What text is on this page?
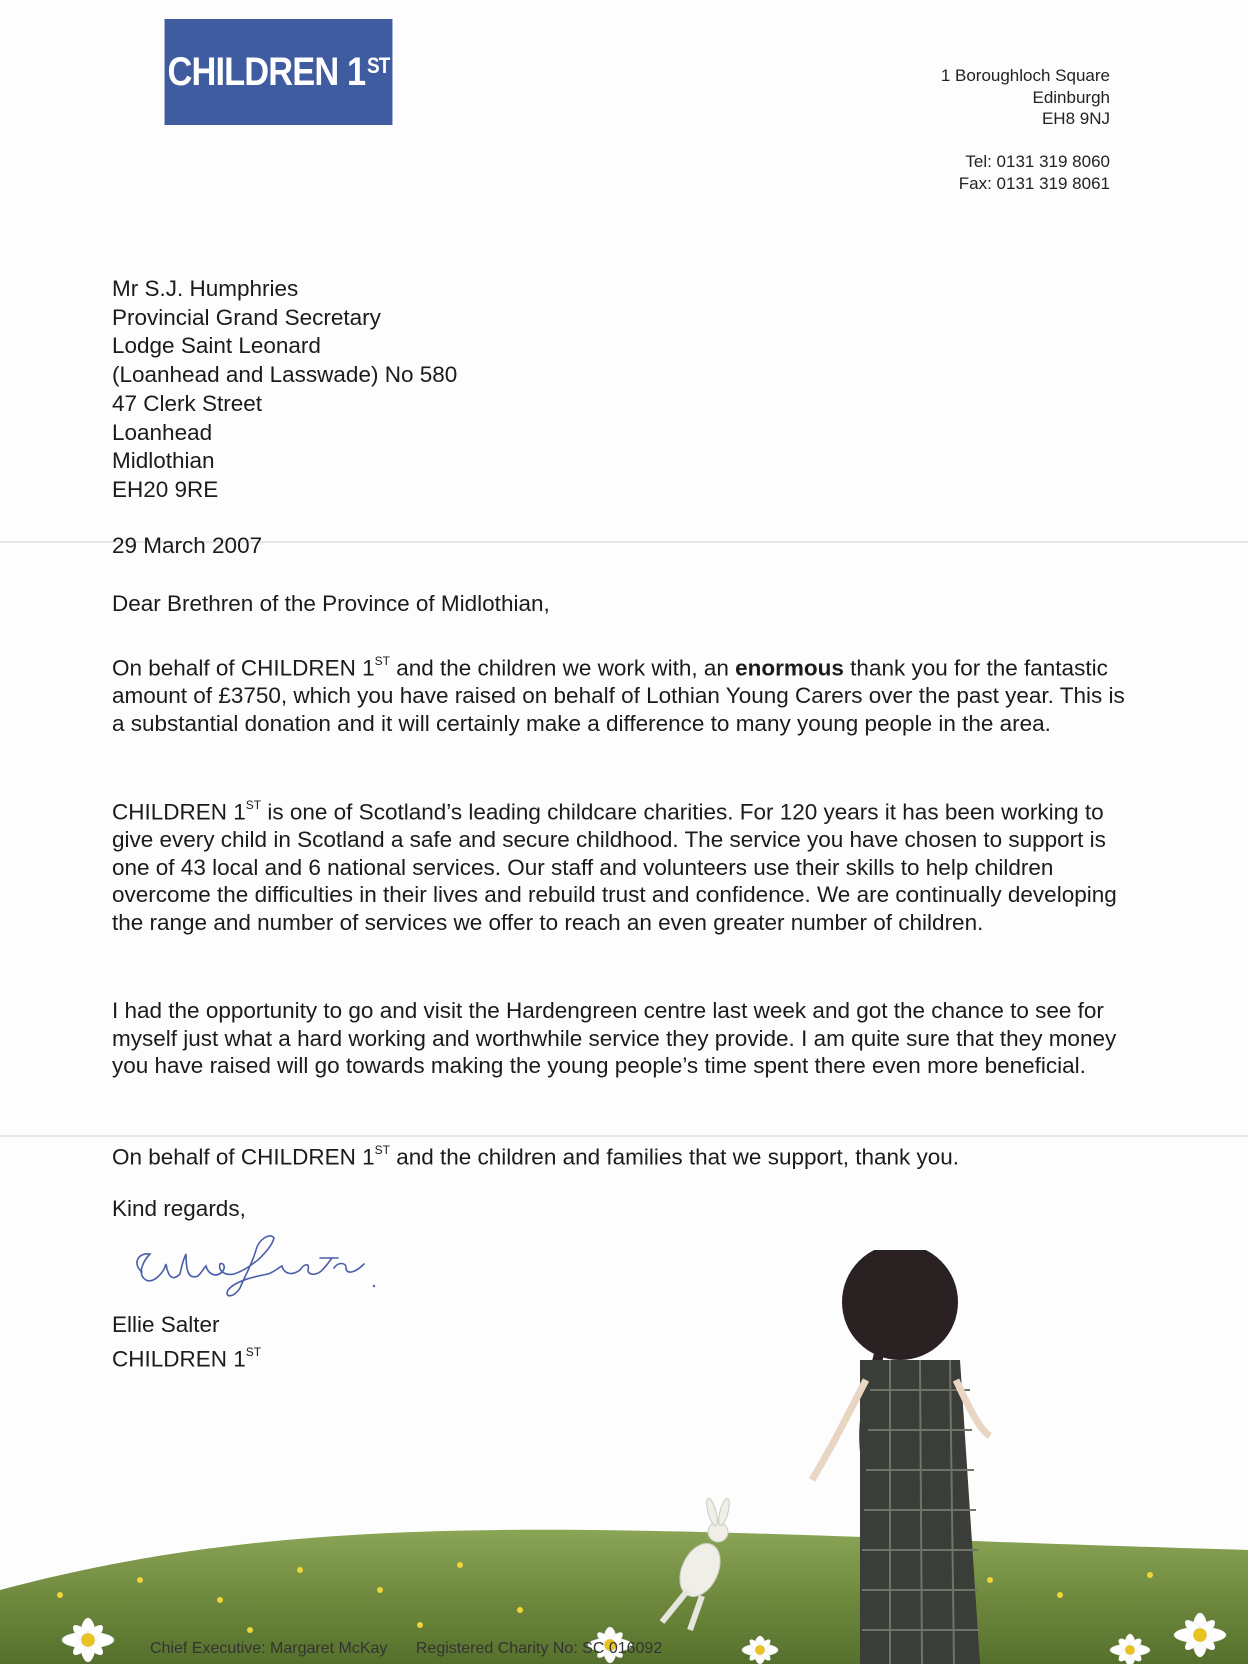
CHILDREN 1ST	1 Boroughloch Square
Edinburgh
EH8 9NJ
Tel: 0131 319 8060
Fax: 0131 319 8061
Mr S.J. Humphries
Provincial Grand Secretary
Lodge Saint Leonard
(Loanhead and Lasswade) No 580
47 Clerk Street
Loanhead
Midlothian
EH20 9RE
29 March 2007
Dear Brethren of the Province of Midlothian,

On behalf of CHILDREN 1ST and the children we work with, an enormous thank you for the fantastic amount of £3750, which you have raised on behalf of Lothian Young Carers over the past year. This is a substantial donation and it will certainly make a difference to many young people in the area.

CHILDREN 1ST is one of Scotland’s leading childcare charities. For 120 years it has been working to give every child in Scotland a safe and secure childhood. The service you have chosen to support is one of 43 local and 6 national services. Our staff and volunteers use their skills to help children overcome the difficulties in their lives and rebuild trust and confidence. We are continually developing the range and number of services we offer to reach an even greater number of children.

I had the opportunity to go and visit the Hardengreen centre last week and got the chance to see for myself just what a hard working and worthwhile service they provide. I am quite sure that they money you have raised will go towards making the young people’s time spent there even more beneficial.

On behalf of CHILDREN 1ST and the children and families that we support, thank you.

Kind regards,
Ellie Salter
CHILDREN 1ST
Chief Executive: Margaret McKay Registered Charity No: SC 016092
